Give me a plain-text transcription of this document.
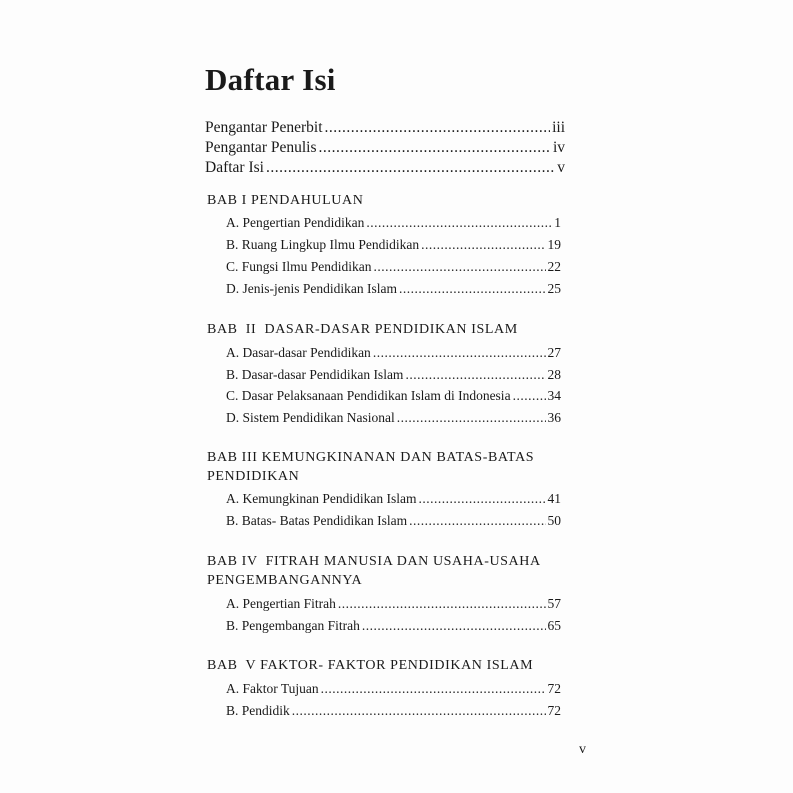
Daftar Isi
Pengantar Penerbit .....	iii
Pengantar Penulis .....	iv
Daftar Isi .....	v
BAB I PENDAHULUAN
A. Pengertian Pendidikan .....	1
B. Ruang Lingkup Ilmu Pendidikan .....	19
C. Fungsi Ilmu Pendidikan .....	22
D. Jenis-jenis Pendidikan Islam .....	25
BAB  II  DASAR-DASAR PENDIDIKAN ISLAM
A. Dasar-dasar Pendidikan .....	27
B. Dasar-dasar Pendidikan Islam .....	28
C. Dasar Pelaksanaan Pendidikan Islam di Indonesia .....	34
D. Sistem Pendidikan Nasional .....	36
BAB III KEMUNGKINANAN DAN BATAS-BATAS
PENDIDIKAN
A. Kemungkinan Pendidikan Islam .....	41
B. Batas- Batas Pendidikan Islam .....	50
BAB IV  FITRAH MANUSIA DAN USAHA-USAHA
PENGEMBANGANNYA
A. Pengertian Fitrah .....	57
B. Pengembangan Fitrah .....	65
BAB  V FAKTOR- FAKTOR PENDIDIKAN ISLAM
A. Faktor Tujuan .....	72
B. Pendidik .....	72
v
